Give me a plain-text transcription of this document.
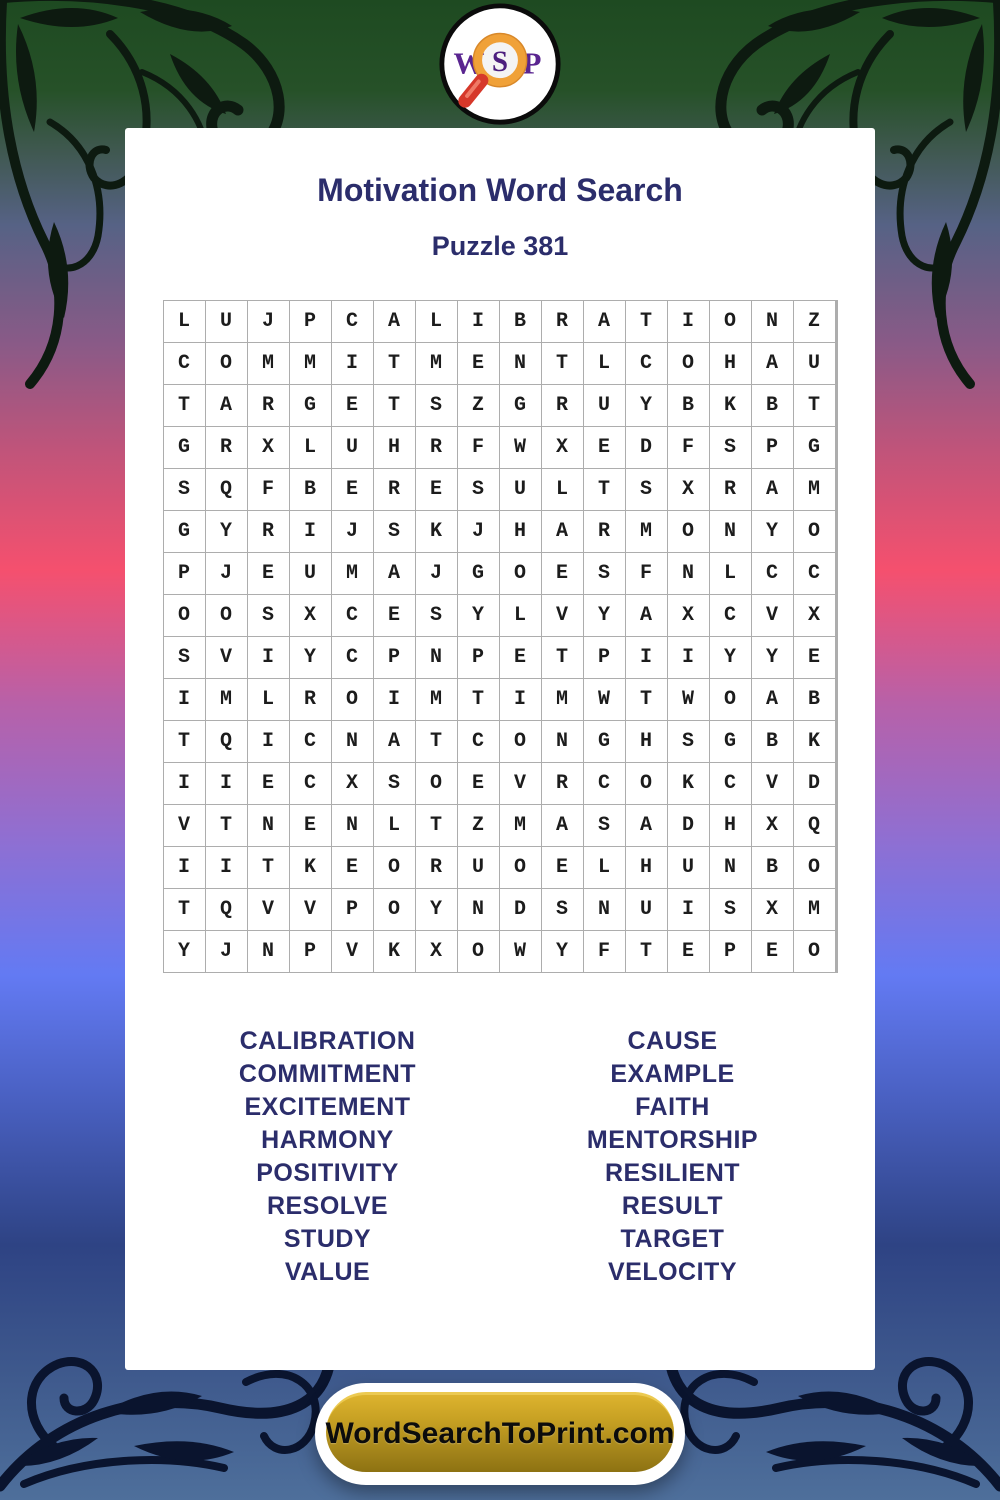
Motivation Word Search
Puzzle 381
L	U	J	P	C	A	L	I	B	R	A	T	I	O	N	Z
C	O	M	M	I	T	M	E	N	T	L	C	O	H	A	U
T	A	R	G	E	T	S	Z	G	R	U	Y	B	K	B	T
G	R	X	L	U	H	R	F	W	X	E	D	F	S	P	G
S	Q	F	B	E	R	E	S	U	L	T	S	X	R	A	M
G	Y	R	I	J	S	K	J	H	A	R	M	O	N	Y	O
P	J	E	U	M	A	J	G	O	E	S	F	N	L	C	C
O	O	S	X	C	E	S	Y	L	V	Y	A	X	C	V	X
S	V	I	Y	C	P	N	P	E	T	P	I	I	Y	Y	E
I	M	L	R	O	I	M	T	I	M	W	T	W	O	A	B
T	Q	I	C	N	A	T	C	O	N	G	H	S	G	B	K
I	I	E	C	X	S	O	E	V	R	C	O	K	C	V	D
V	T	N	E	N	L	T	Z	M	A	S	A	D	H	X	Q
I	I	T	K	E	O	R	U	O	E	L	H	U	N	B	O
T	Q	V	V	P	O	Y	N	D	S	N	U	I	S	X	M
Y	J	N	P	V	K	X	O	W	Y	F	T	E	P	E	O
CALIBRATION
COMMITMENT
EXCITEMENT
HARMONY
POSITIVITY
RESOLVE
STUDY
VALUE
CAUSE
EXAMPLE
FAITH
MENTORSHIP
RESILIENT
RESULT
TARGET
VELOCITY
W S P
WordSearchToPrint.com
